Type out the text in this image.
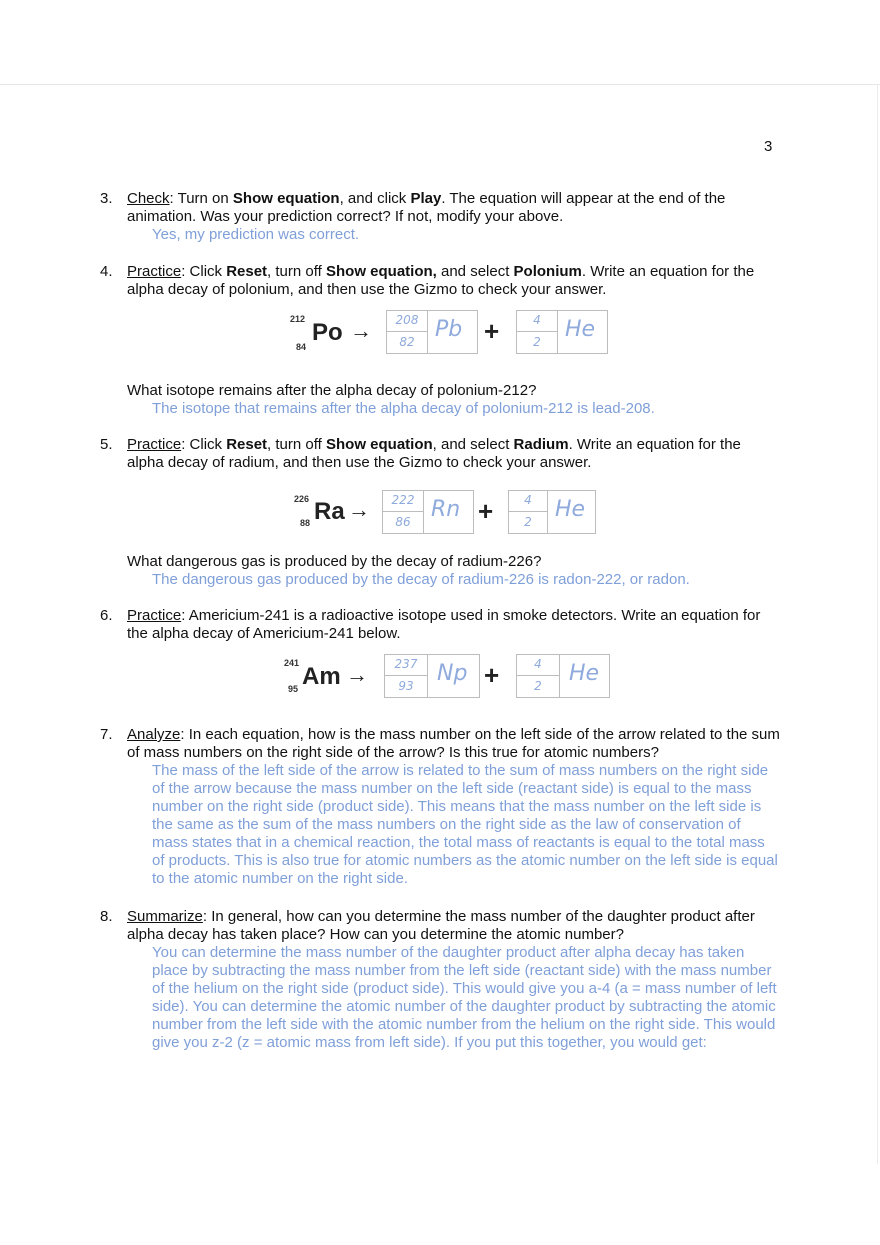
3
3. Check: Turn on Show equation, and click Play. The equation will appear at the end of the animation. Was your prediction correct? If not, modify your above.
Yes, my prediction was correct.
4. Practice: Click Reset, turn off Show equation, and select Polonium. Write an equation for the alpha decay of polonium, and then use the Gizmo to check your answer.
212
84
Po →	208
82 Pb +	4
2	He
What isotope remains after the alpha decay of polonium-212?
The isotope that remains after the alpha decay of polonium-212 is lead-208.
5. Practice: Click Reset, turn off Show equation, and select Radium. Write an equation for the alpha decay of radium, and then use the Gizmo to check your answer.
226
88 Ra →	222
86 Rn +	4
2	He
What dangerous gas is produced by the decay of radium-226?
The dangerous gas produced by the decay of radium-226 is radon-222, or radon.
6. Practice: Americium-241 is a radioactive isotope used in smoke detectors. Write an equation for the alpha decay of Americium-241 below.
241
95 Am →	237
93	Np +	4
2	He
7. Analyze: In each equation, how is the mass number on the left side of the arrow related to the sum of mass numbers on the right side of the arrow? Is this true for atomic numbers?
The mass of the left side of the arrow is related to the sum of mass numbers on the right side of the arrow because the mass number on the left side (reactant side) is equal to the mass number on the right side (product side). This means that the mass number on the left side is the same as the sum of the mass numbers on the right side as the law of conservation of mass states that in a chemical reaction, the total mass of reactants is equal to the total mass of products. This is also true for atomic numbers as the atomic number on the left side is equal to the atomic number on the right side.
8. Summarize: In general, how can you determine the mass number of the daughter product after alpha decay has taken place? How can you determine the atomic number?
You can determine the mass number of the daughter product after alpha decay has taken place by subtracting the mass number from the left side (reactant side) with the mass number of the helium on the right side (product side). This would give you a-4 (a = mass number of left side). You can determine the atomic number of the daughter product by subtracting the atomic number from the left side with the atomic number from the helium on the right side. This would give you z-2 (z = atomic mass from left side). If you put this together, you would get:
